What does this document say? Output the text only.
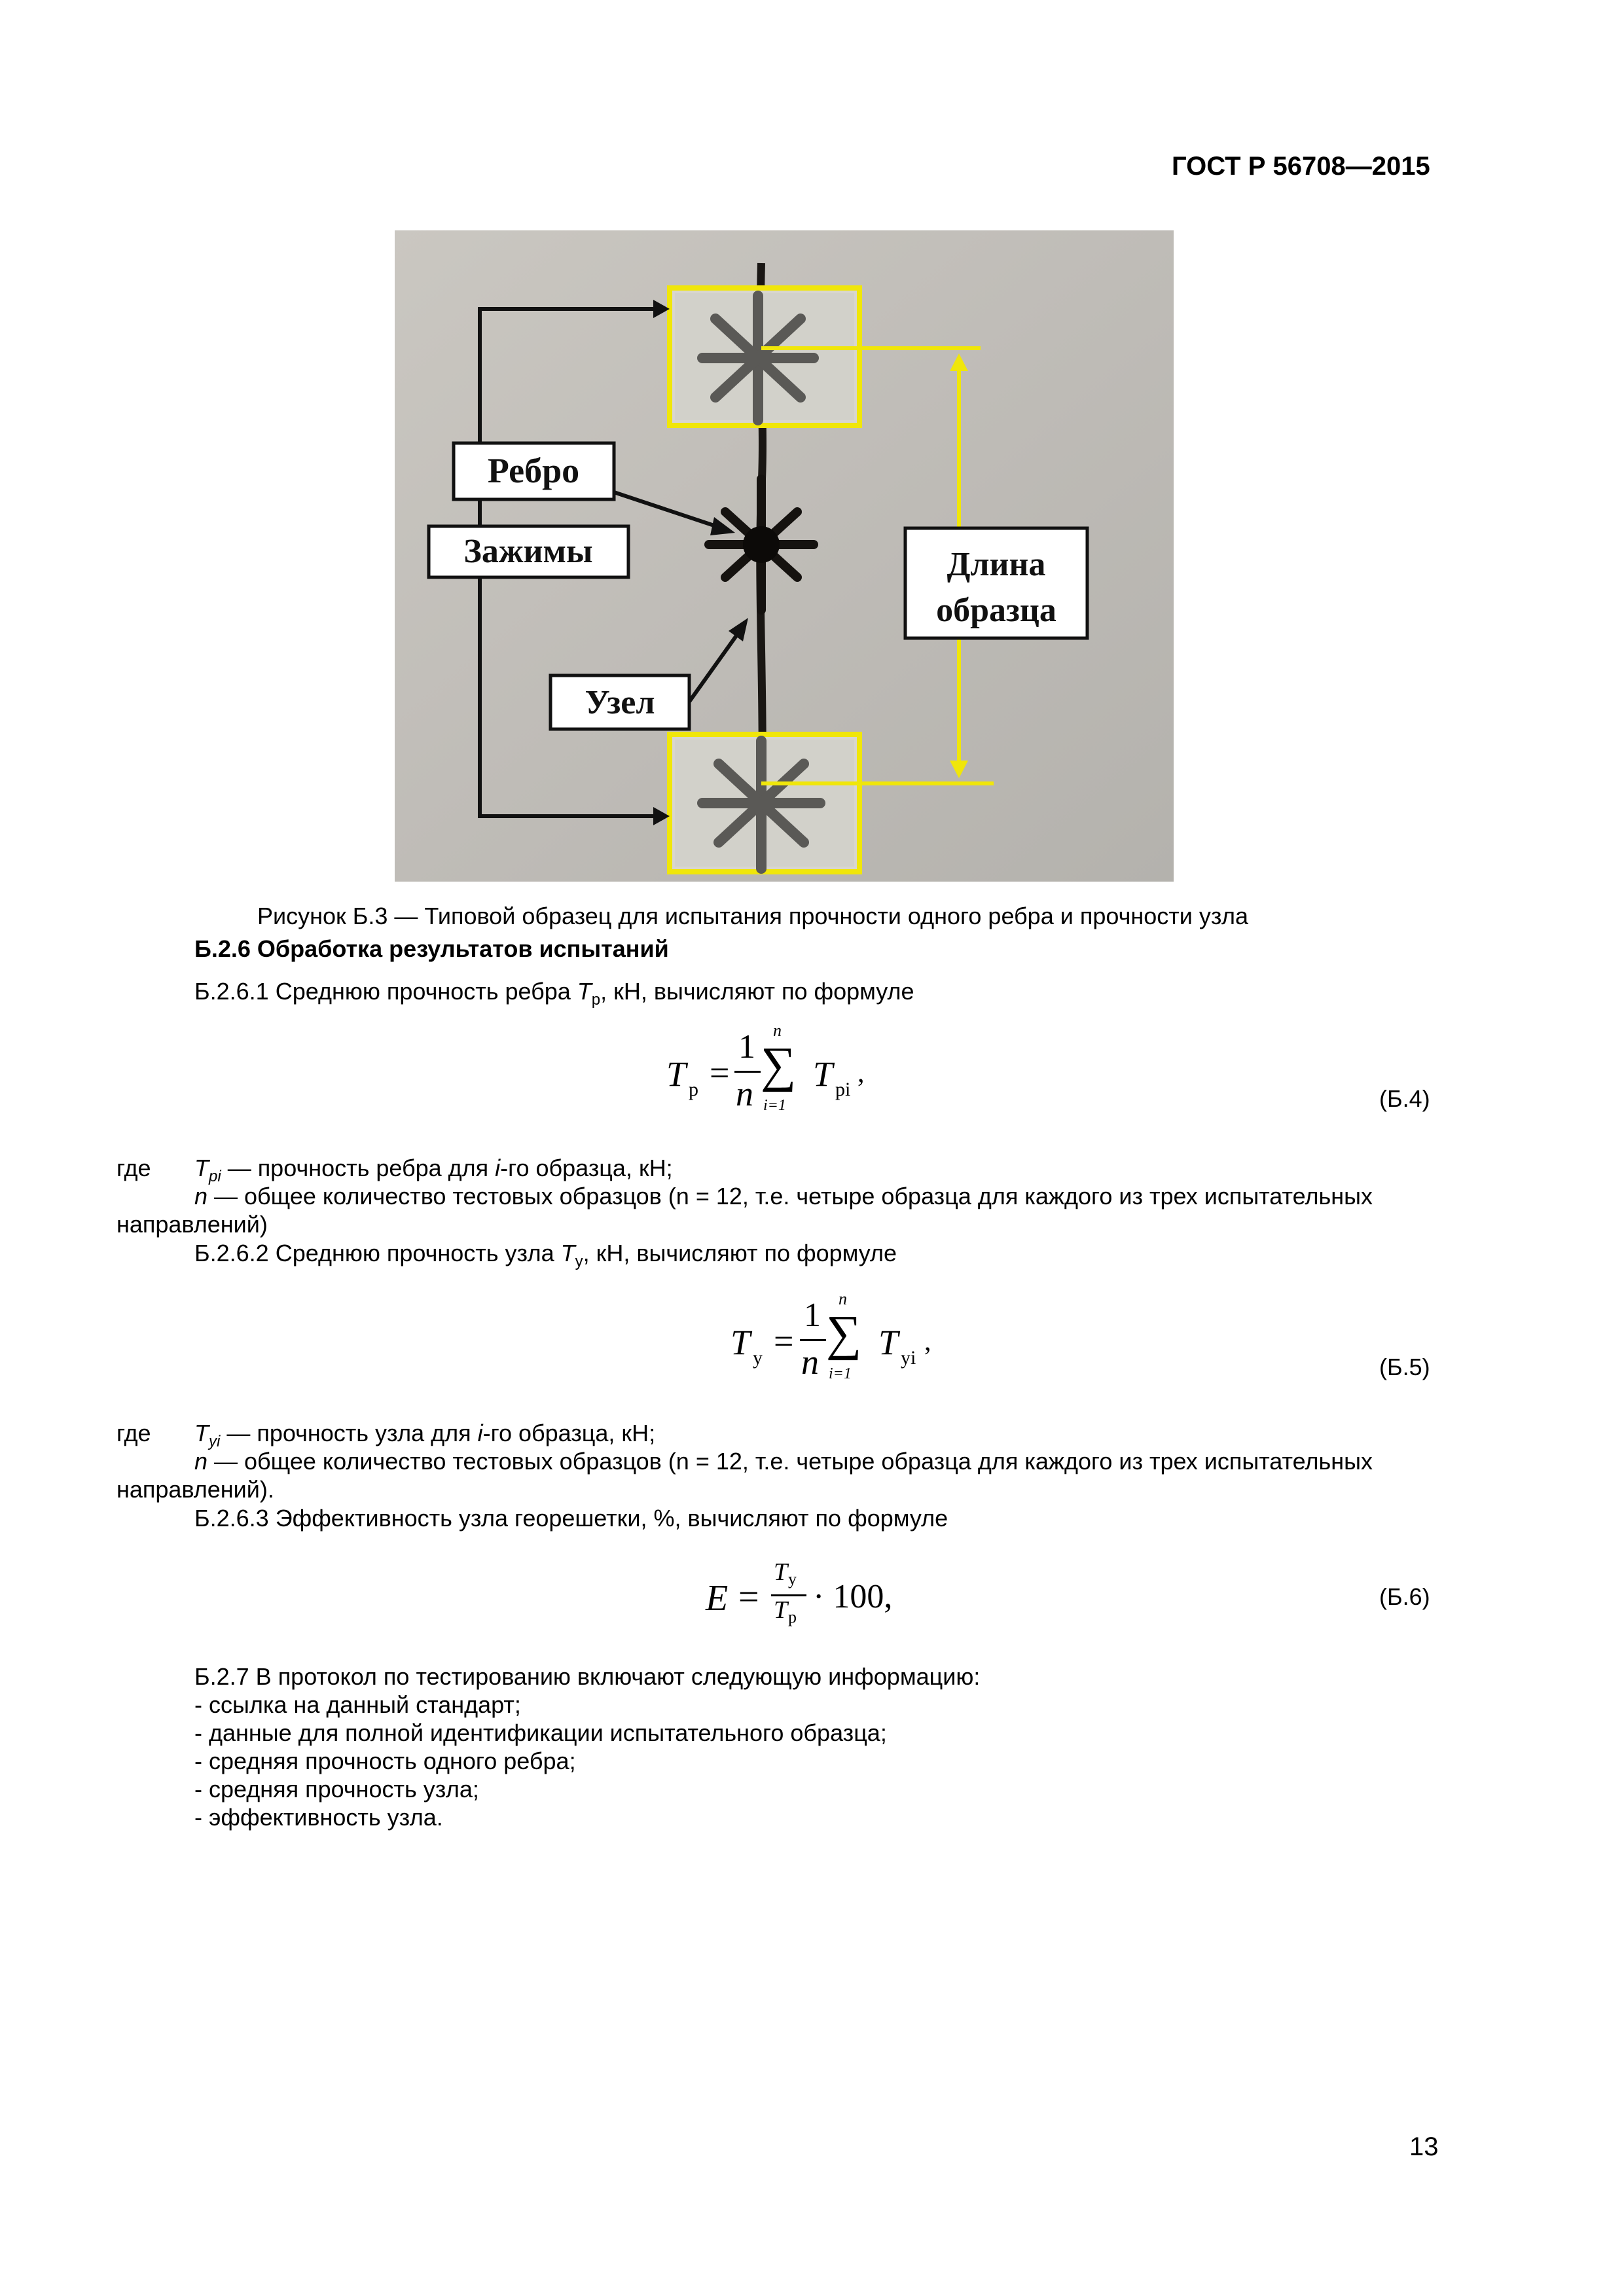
ГОСТ Р 56708—2015
Ребро
Зажимы
Узел
Длина
образца
Рисунок Б.3 — Типовой образец для испытания прочности одного ребра и прочности узла
Б.2.6 Обработка результатов испытаний
Б.2.6.1 Среднюю прочность ребра $T_р$, кН, вычисляют по формуле
T р =
1
n
n
∑
i=1
T рi
,
(Б.4)
где $T_{рi}$ — прочность ребра для i-го образца, кН;
n — общее количество тестовых образцов (n = 12, т.е. четыре образца для каждого из трех испытательных
направлений)
Б.2.6.2 Среднюю прочность узла $T_у$, кН, вычисляют по формуле
T у =
1
n
n
∑
i=1
T уi
,
(Б.5)
где $T_{уi}$ — прочность узла для i-го образца, кН;
n — общее количество тестовых образцов (n = 12, т.е. четыре образца для каждого из трех испытательных
направлений).
Б.2.6.3 Эффективность узла георешетки, %, вычисляют по формуле
E =
T у
T р
· 100,	(Б.6)
Б.2.7 В протокол по тестированию включают следующую информацию:
- ссылка на данный стандарт;
- данные для полной идентификации испытательного образца;
- средняя прочность одного ребра;
- средняя прочность узла;
- эффективность узла.
13
